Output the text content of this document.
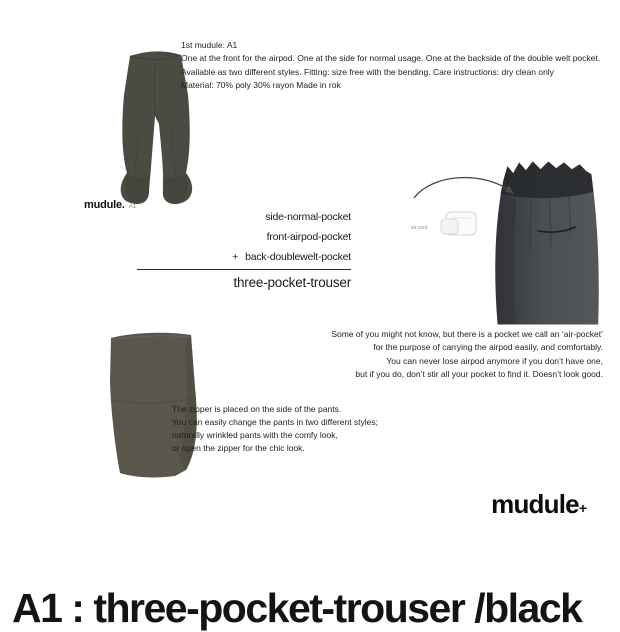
mudule. A1
1st mudule: A1
One at the front for the airpod. One at the side for normal usage. One at the backside of the double welt pocket.
Available as two different styles. Fitting: size free with the bending. Care instructions: dry clean only
Material: 70% poly 30% rayon Made in rok
side-normal-pocket
front-airpod-pocket
+ back-doublewelt-pocket
three-pocket-trouser
air pod
Some of you might not know, but there is a pocket we call an ‘air-pocket’
for the purpose of carrying the airpod easily, and comfortably.
You can never lose airpod anymore if you don’t have one,
but if you do, don’t stir all your pocket to find it. Doesn’t look good.
The zipper is placed on the side of the pants.
You can easily change the pants in two different styles;
naturally wrinkled pants with the comfy look,
or open the zipper for the chic look.
mudule+
A1 : three-pocket-trouser /black
